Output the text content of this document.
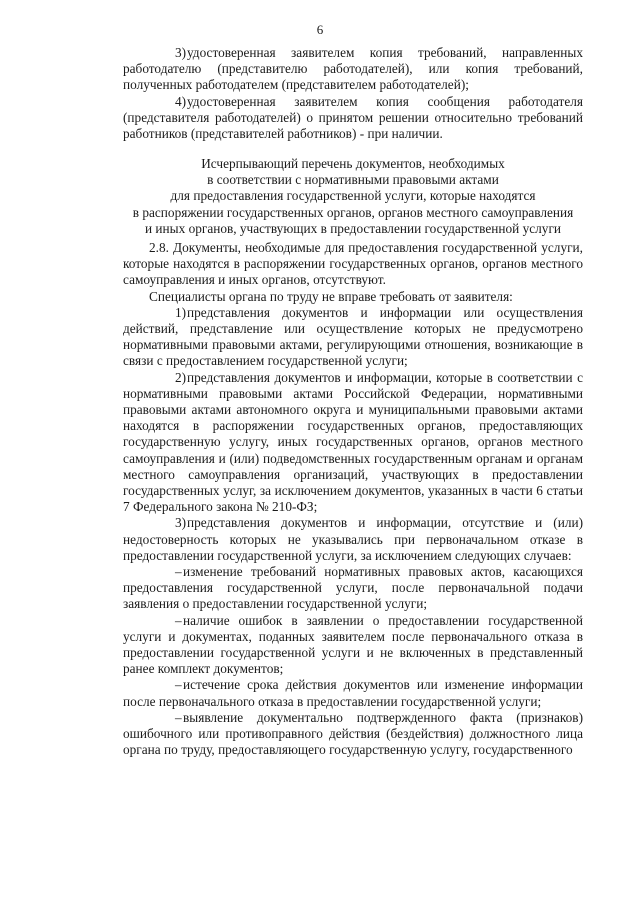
6

3)удостоверенная заявителем копия требований, направленных работодателю (представителю работодателей), или копия требований, полученных работодателем (представителем работодателей);

4)удостоверенная заявителем копия сообщения работодателя (представителя работодателей) о принятом решении относительно требований работников (представителей работников) - при наличии.

Исчерпывающий перечень документов, необходимых

в соответствии с нормативными правовыми актами

для предоставления государственной услуги, которые находятся

в распоряжении государственных органов, органов местного самоуправления

и иных органов, участвующих в предоставлении государственной услуги

2.8. Документы, необходимые для предоставления государственной услуги, которые находятся в распоряжении государственных органов, органов местного самоуправления и иных органов, отсутствуют.

Специалисты органа по труду не вправе требовать от заявителя:

1)представления документов и информации или осуществления действий, представление или осуществление которых не предусмотрено нормативными правовыми актами, регулирующими отношения, возникающие в связи с предоставлением государственной услуги;

2)представления документов и информации, которые в соответствии с нормативными правовыми актами Российской Федерации, нормативными правовыми актами автономного округа и муниципальными правовыми актами находятся в распоряжении государственных органов, предоставляющих государственную услугу, иных государственных органов, органов местного самоуправления и (или) подведомственных государственным органам и органам местного самоуправления организаций, участвующих в предоставлении государственных услуг, за исключением документов, указанных в части 6 статьи 7 Федерального закона № 210-ФЗ;

3)представления документов и информации, отсутствие и (или) недостоверность которых не указывались при первоначальном отказе в предоставлении государственной услуги, за исключением следующих случаев:

–изменение требований нормативных правовых актов, касающихся предоставления государственной услуги, после первоначальной подачи заявления о предоставлении государственной услуги;

–наличие ошибок в заявлении о предоставлении государственной услуги и документах, поданных заявителем после первоначального отказа в предоставлении государственной услуги и не включенных в представленный ранее комплект документов;

–истечение срока действия документов или изменение информации после первоначального отказа в предоставлении государственной услуги;

–выявление документально подтвержденного факта (признаков) ошибочного или противоправного действия (бездействия) должностного лица органа по труду, предоставляющего государственную услугу, государственного
